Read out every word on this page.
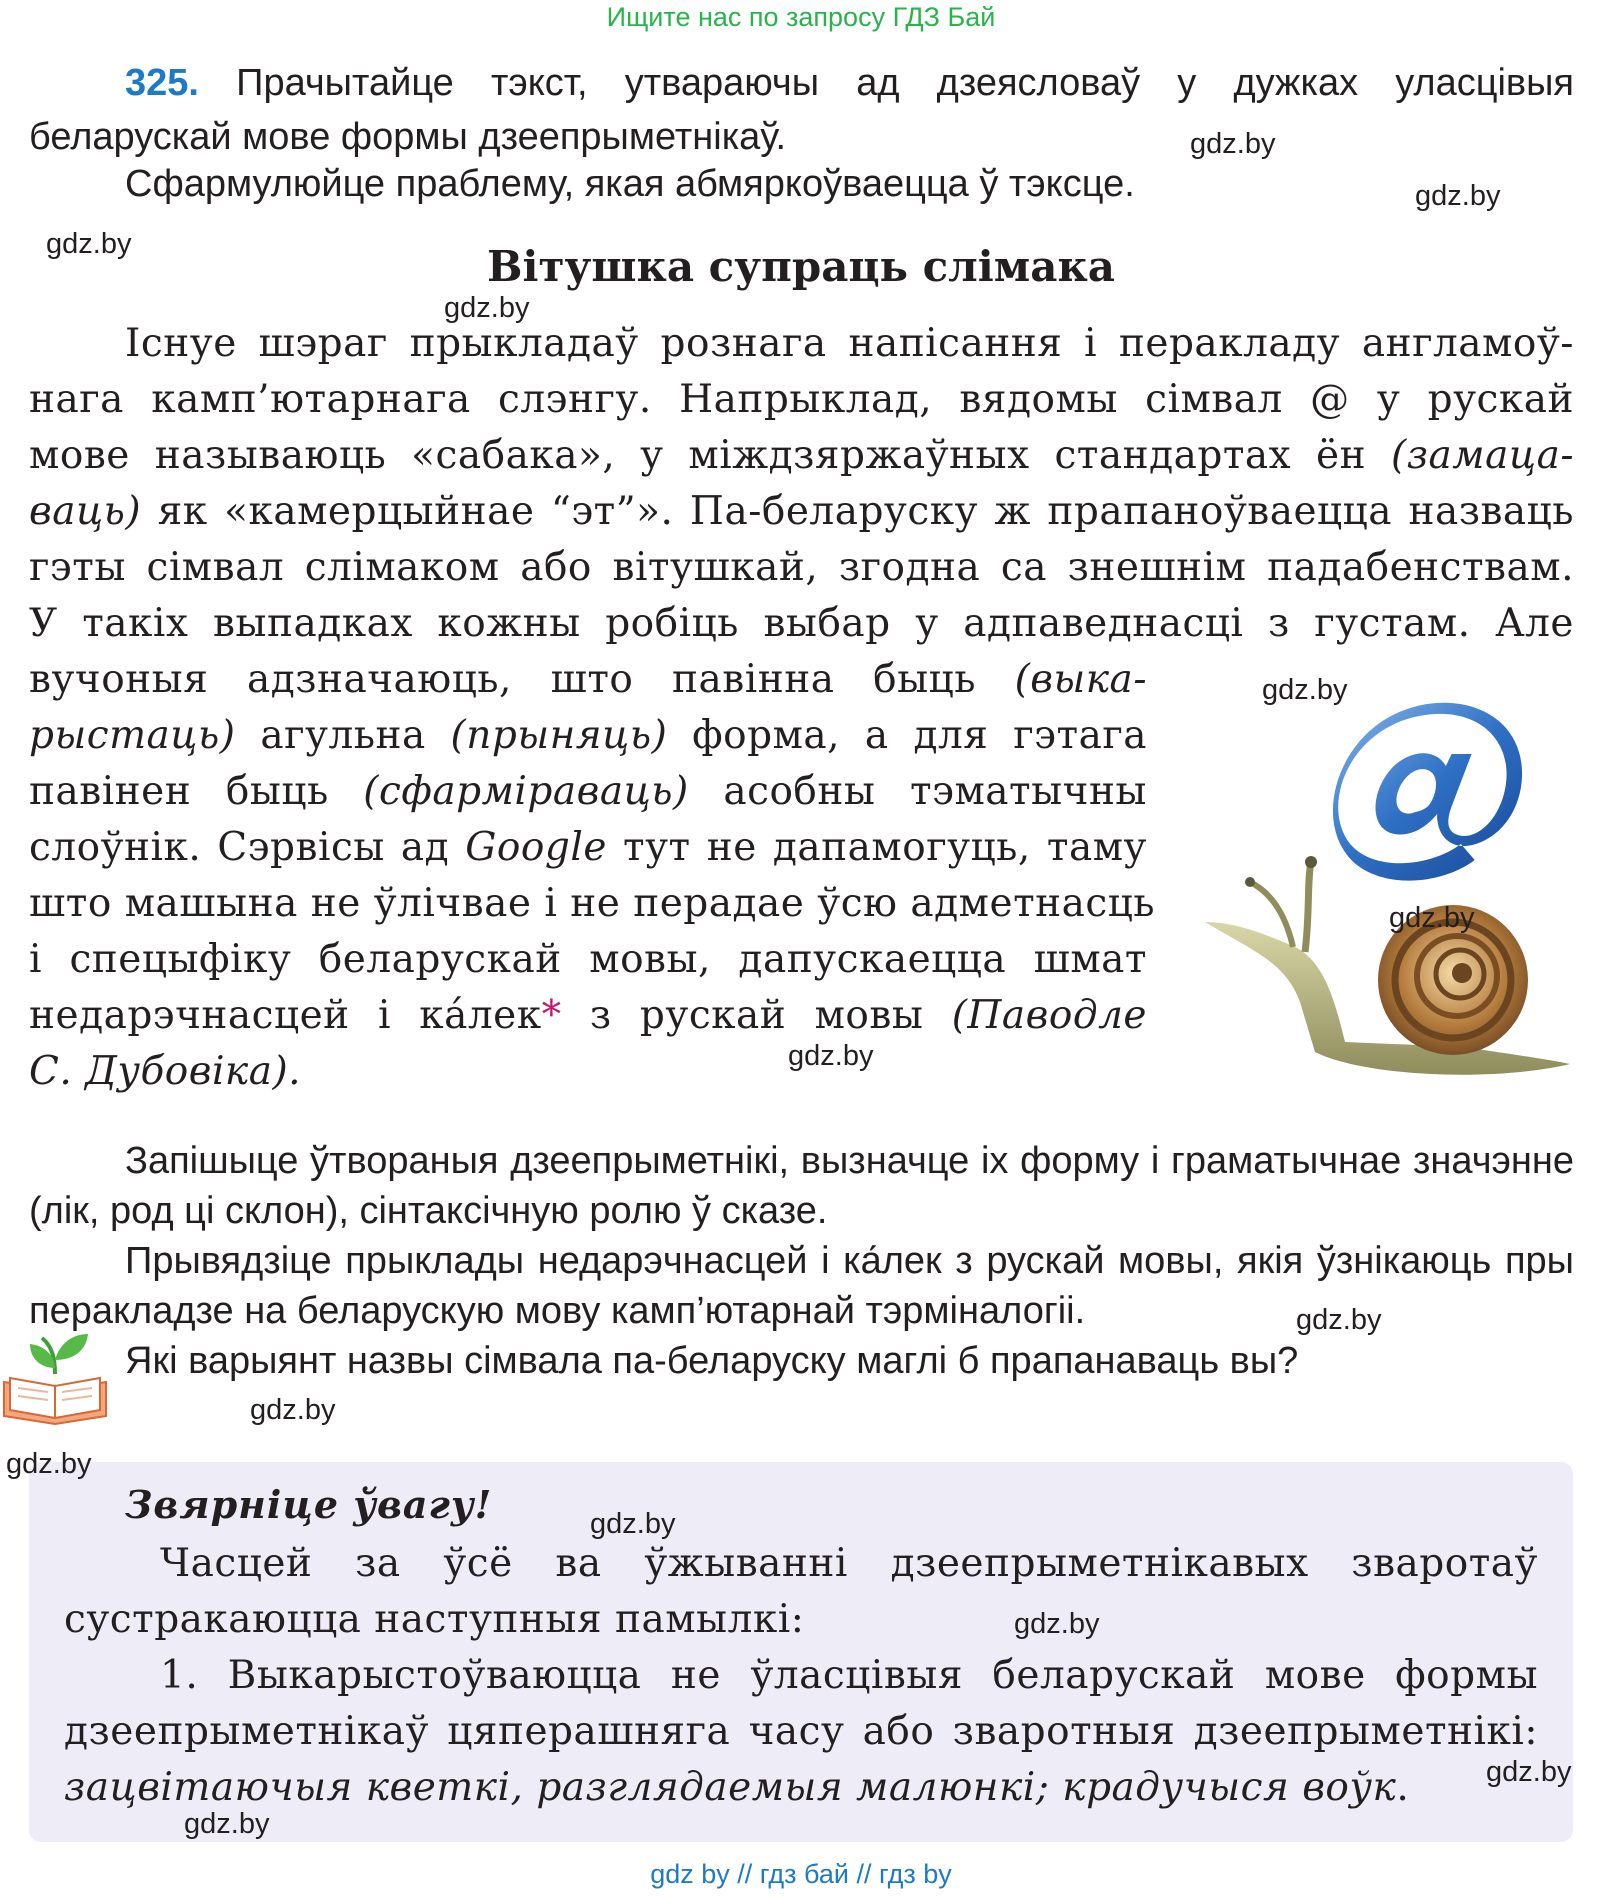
Ищите нас по запросу ГДЗ Бай
325. Прачытайце тэкст, утвараючы ад дзеясловаў у дужках уласцівыя беларускай мове формы дзеепрыметнікаў.
Сфармулюйце праблему, якая абмяркоўваецца ў тэксце.
Вітушка супраць слімака
Існуе шэраг прыкладаў рознага напісання і перакладу англамоў-
нага камп’ютарнага слэнгу. Напрыклад, вядомы сімвал @ у рускай
мове называюць «сабака», у міждзяржаўных стандартах ён (замаца-
ваць) як «камерцыйнае “эт”». Па-беларуску ж прапаноўваецца назваць
гэты сімвал слімаком або вітушкай, згодна са знешнім падабенствам.
У такіх выпадках кожны робіць выбар у адпаведнасці з густам. Але
вучоныя адзначаюць, што павінна быць (выка-
рыстаць) агульна (прыняць) форма, а для гэтага
павінен быць (сфарміраваць) асобны тэматычны
слоўнік. Сэрвісы ад Google тут не дапамогуць, таму
што машына не ўлічвае і не перадае ўсю адметнасць
і спецыфіку беларускай мовы, дапускаецца шмат
недарэчнасцей і ка́лек* з рускай мовы (Паводле
С. Дубовіка).
Запішыце ўтвораныя дзеепрыметнікі, вызначце іх форму і граматычнае значэнне (лік, род ці склон), сінтаксічную ролю ў сказе.
Прывядзіце прыклады недарэчнасцей і ка́лек з рускай мовы, якія ўзнікаюць пры перакладзе на беларускую мову камп’ютарнай тэрміналогіі.
Які варыянт назвы сімвала па-беларуску маглі б прапанаваць вы?
Звярніце ўвагу!
Часцей за ўсё ва ўжыванні дзеепрыметнікавых зваротаў сустракаюцца наступныя памылкі:
1. Выкарыстоўваюцца не ўласцівыя беларускай мове формы дзеепрыметнікаў цяперашняга часу або зваротныя дзеепрыметнікі: зацвітаючыя кветкі, разглядаемыя малюнкі; крадучыся воўк.
gdz.by
gdz.by
gdz.by
gdz.by
gdz.by
gdz.by
gdz.by
gdz.by
gdz.by
gdz.by
gdz.by
gdz.by
gdz.by
gdz.by
gdz by // гдз бай // гдз by
